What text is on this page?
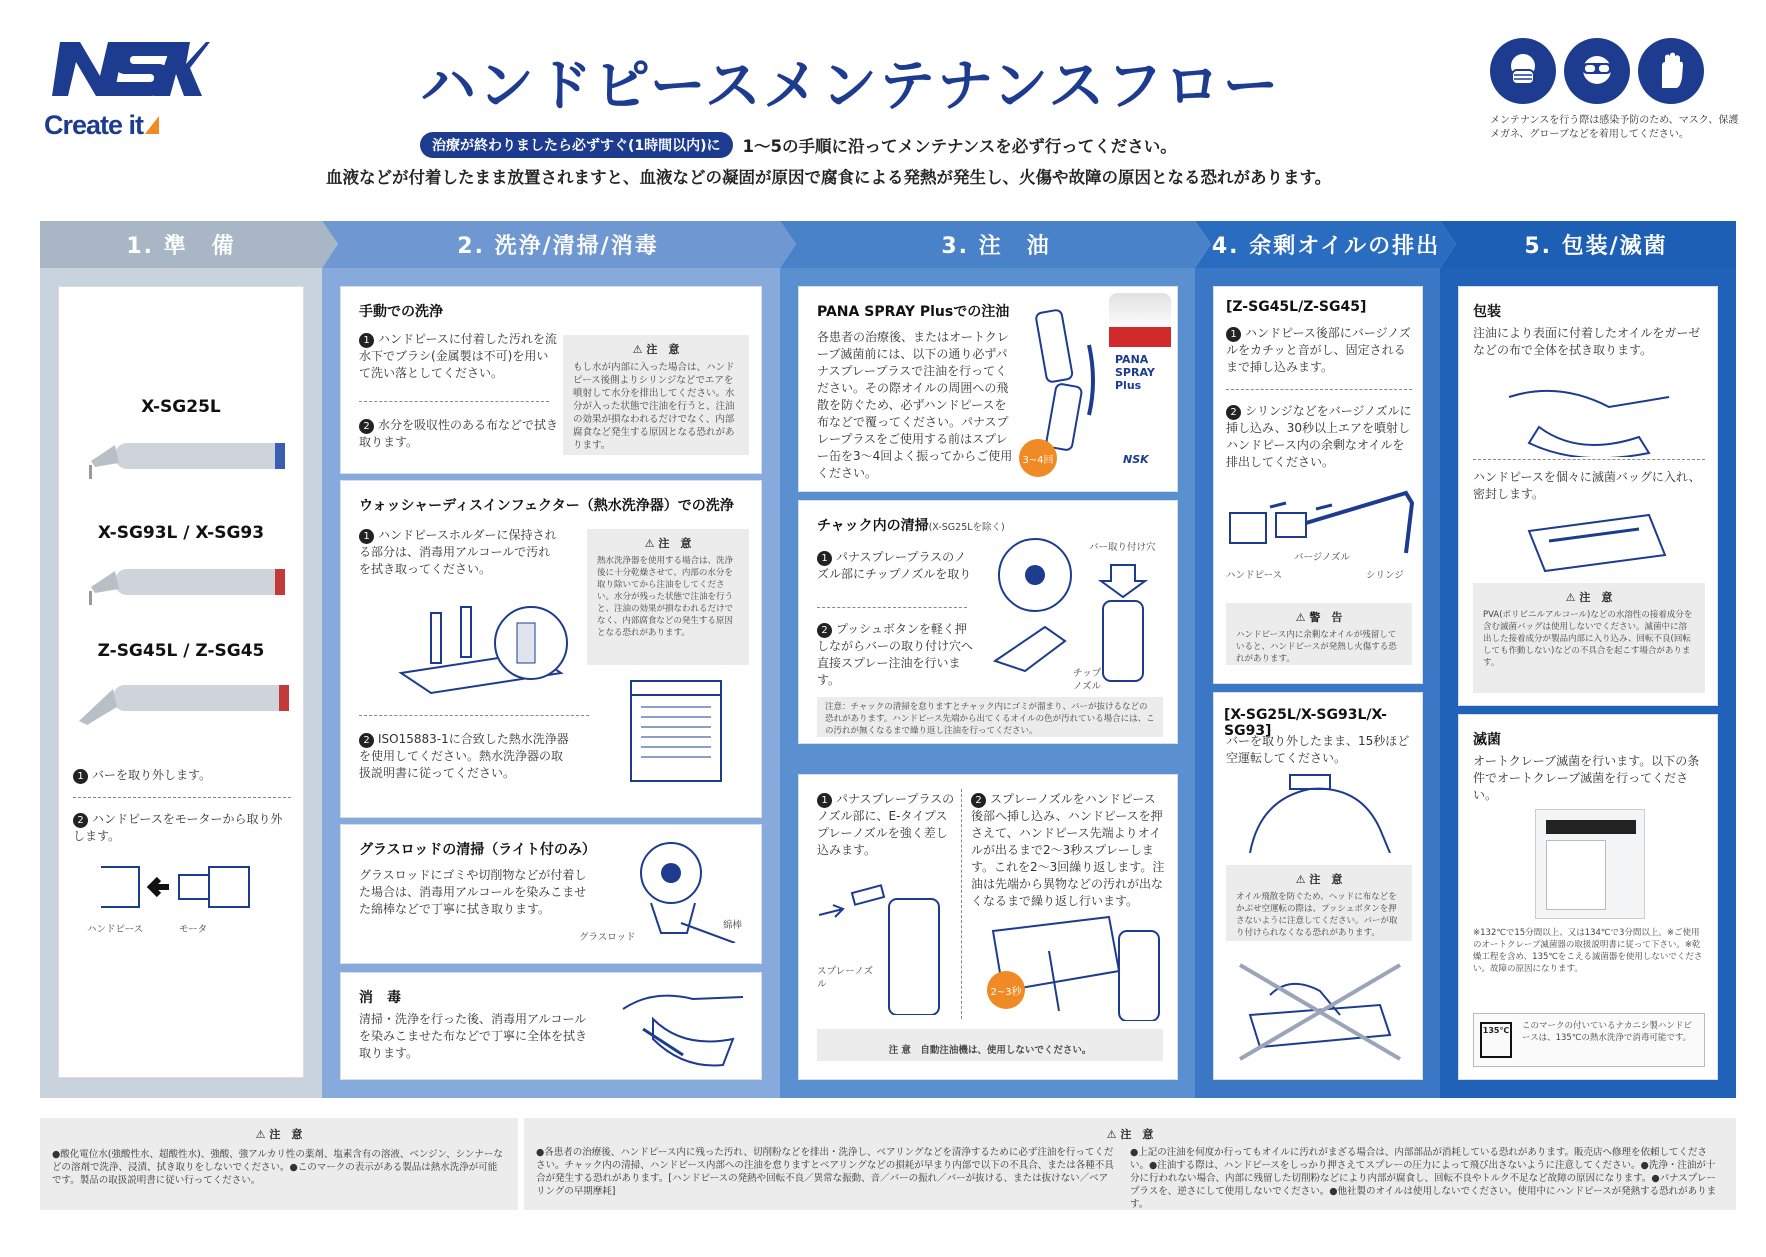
Create it
ハンドピースメンテナンスフロー
治療が終わりましたら必ずすぐ(1時間以内)に	1～5の手順に沿ってメンテナンスを必ず行ってください。
血液などが付着したまま放置されますと、血液などの凝固が原因で腐食による発熱が発生し、火傷や故障の原因となる恐れがあります。
メンテナンスを行う際は感染予防のため、マスク、保護メガネ、グローブなどを着用してください。
1. 準　備	2. 洗浄/清掃/消毒	3. 注　油	4. 余剰オイルの排出	5. 包装/滅菌
X-SG25L
X-SG93L / X-SG93
Z-SG45L / Z-SG45
1 バーを取り外します。
2 ハンドピースをモーターから取り外します。
ハンドピース	モータ
手動での洗浄
1 ハンドピースに付着した汚れを流水下でブラシ(金属製は不可)を用いて洗い落としてください。
2 水分を吸収性のある布などで拭き取ります。
⚠ 注　意
もし水が内部に入った場合は、ハンドピース後側よりシリンジなどでエアを噴射して水分を排出してください。水分が入った状態で注油を行うと、注油の効果が損なわれるだけでなく、内部腐食など発生する原因となる恐れがあります。
ウォッシャーディスインフェクター（熱水洗浄器）での洗浄
1 ハンドピースホルダーに保持される部分は、消毒用アルコールで汚れを拭き取ってください。
⚠ 注　意
熱水洗浄器を使用する場合は、洗浄後に十分乾燥させて、内部の水分を取り除いてから注油をしてください。水分が残った状態で注油を行うと、注油の効果が損なわれるだけでなく、内部腐食などの発生する原因となる恐れがあります。
2 ISO15883-1に合致した熱水洗浄器を使用してください。熱水洗浄器の取扱説明書に従ってください。
グラスロッドの清掃（ライト付のみ）
グラスロッドにゴミや切削物などが付着した場合は、消毒用アルコールを染みこませた綿棒などで丁寧に拭き取ります。
グラスロッド
綿棒
消　毒
清掃・洗浄を行った後、消毒用アルコールを染みこませた布などで丁寧に全体を拭き取ります。
PANA SPRAY Plusでの注油
各患者の治療後、またはオートクレーブ滅菌前には、以下の通り必ずパナスプレープラスで注油を行ってください。その際オイルの周囲への飛散を防ぐため、必ずハンドピースを布などで覆ってください。パナスプレープラスをご使用する前はスプレー缶を3～4回よく振ってからご使用ください。
3~4回
PANA SPRAY Plus
NSK
チャック内の清掃(X-SG25Lを除く)
1 パナスプレープラスのノズル部にチップノズルを取り
2 プッシュボタンを軽く押しながらバーの取り付け穴へ直接スプレー注油を行います。
バー取り付け穴
チップノズル
注意：チャックの清掃を怠りますとチャック内にゴミが溜まり、バーが抜けるなどの恐れがあります。ハンドピース先端から出てくるオイルの色が汚れている場合には、この汚れが無くなるまで繰り返し注油を行ってください。
1 パナスプレープラスのノズル部に、E-タイプスプレーノズルを強く差し込みます。
2 スプレーノズルをハンドピース後部へ挿し込み、ハンドピースを押さえて、ハンドピース先端よりオイルが出るまで2～3秒スプレーします。これを2～3回繰り返します。注油は先端から異物などの汚れが出なくなるまで繰り返し行います。
スプレーノズル
2~3秒
注 意　自動注油機は、使用しないでください。
[Z-SG45L/Z-SG45]
1 ハンドピース後部にバージノズルをカチッと音がし、固定されるまで挿し込みます。
2 シリンジなどをバージノズルに挿し込み、30秒以上エアを噴射しハンドピース内の余剰なオイルを排出してください。
バージノズル
ハンドピース	シリンジ
⚠ 警　告
ハンドピース内に余剰なオイルが残留していると、ハンドピースが発熱し火傷する恐れがあります。
[X-SG25L/X-SG93L/X-SG93]
バーを取り外したまま、15秒ほど空運転してください。
⚠ 注　意
オイル飛散を防ぐため、ヘッドに布などをかぶせ空運転の際は、プッシュボタンを押さないように注意してください。バーが取り付けられなくなる恐れがあります。
包装
注油により表面に付着したオイルをガーゼなどの布で全体を拭き取ります。
ハンドピースを個々に滅菌バッグに入れ、密封します。
⚠ 注　意
PVA(ポリビニルアルコール)などの水溶性の接着成分を含む滅菌バッグは使用しないでください。滅菌中に溶出した接着成分が製品内部に入り込み、回転不良(回転しても作動しない)などの不具合を起こす場合があります。
滅菌
オートクレーブ滅菌を行います。以下の条件でオートクレーブ滅菌を行ってください。
※132℃で15分間以上、又は134℃で3分間以上。※ご使用のオートクレーブ滅菌器の取扱説明書に従って下さい。※乾燥工程を含め、135℃をこえる滅菌器を使用しないでください。故障の原因になります。
135℃	このマークの付いているナカニシ製ハンドピースは、135℃の熱水洗浄で消毒可能です。
⚠ 注　意
●酸化電位水(強酸性水、超酸性水)、強酸、強アルカリ性の薬剤、塩素含有の溶液、ベンジン、シンナーなどの溶剤で洗浄、浸漬、拭き取りをしないでください。●このマークの表示がある製品は熱水洗浄が可能です。製品の取扱説明書に従い行ってください。
⚠ 注　意
●各患者の治療後、ハンドピース内に残った汚れ、切削粉などを排出・洗浄し、ベアリングなどを清浄するために必ず注油を行ってください。チャック内の清掃、ハンドピース内部への注油を怠りますとベアリングなどの損耗が早まり内部で以下の不具合、または各種不具合が発生する恐れがあります。[ハンドピースの発熱や回転不良／異常な振動、音／バーの振れ／バーが抜ける、または抜けない／ベアリングの早期摩耗]
●上記の注油を何度か行ってもオイルに汚れがまざる場合は、内部部品が消耗している恐れがあります。販売店へ修理を依頼してください。●注油する際は、ハンドピースをしっかり押さえてスプレーの圧力によって飛び出さないように注意してください。●洗浄・注油が十分に行われない場合、内部に残留した切削粉などにより内部が腐食し、回転不良やトルク不足など故障の原因になります。●パナスプレープラスを、逆さにして使用しないでください。●他社製のオイルは使用しないでください。使用中にハンドピースが発熱する恐れがあります。
